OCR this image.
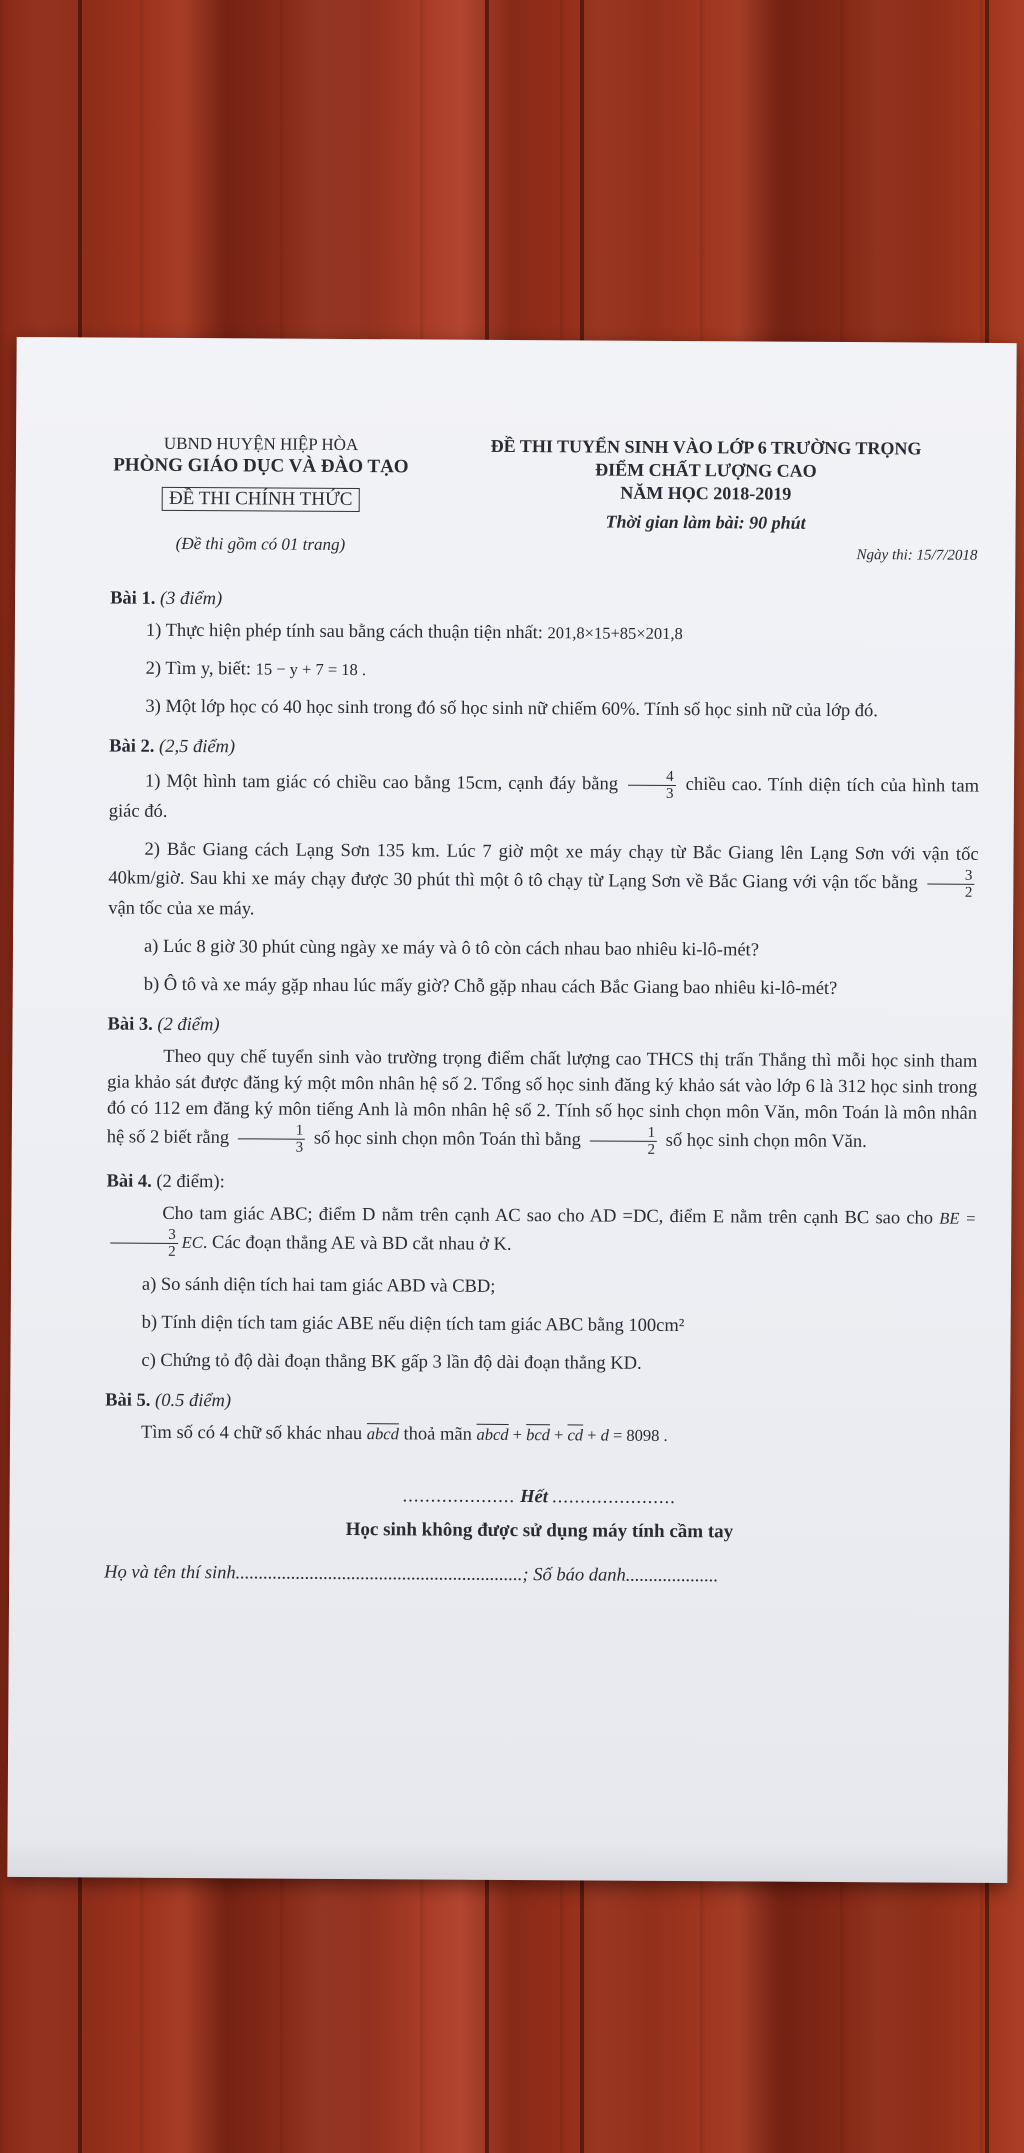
UBND HUYỆN HIỆP HÒA
PHÒNG GIÁO DỤC VÀ ĐÀO TẠO
ĐỀ THI CHÍNH THỨC
(Đề thi gồm có 01 trang)
ĐỀ THI TUYỂN SINH VÀO LỚP 6 TRƯỜNG TRỌNG
ĐIỂM CHẤT LƯỢNG CAO
NĂM HỌC 2018-2019
Thời gian làm bài: 90 phút
Ngày thi: 15/7/2018
Bài 1. (3 điểm)

1) Thực hiện phép tính sau bằng cách thuận tiện nhất: 201,8×15+85×201,8

2) Tìm y, biết: 15 − y + 7 = 18 .

3) Một lớp học có 40 học sinh trong đó số học sinh nữ chiếm 60%. Tính số học sinh nữ của lớp đó.

Bài 2. (2,5 điểm)

1) Một hình tam giác có chiều cao bằng 15cm, cạnh đáy bằng $\frac{4}{3}$ chiều cao. Tính diện tích của hình tam giác đó.

2) Bắc Giang cách Lạng Sơn 135 km. Lúc 7 giờ một xe máy chạy từ Bắc Giang lên Lạng Sơn với vận tốc 40km/giờ. Sau khi xe máy chạy được 30 phút thì một ô tô chạy từ Lạng Sơn về Bắc Giang với vận tốc bằng $\frac{3}{2}$
vận tốc của xe máy.

a) Lúc 8 giờ 30 phút cùng ngày xe máy và ô tô còn cách nhau bao nhiêu ki-lô-mét?

b) Ô tô và xe máy gặp nhau lúc mấy giờ? Chỗ gặp nhau cách Bắc Giang bao nhiêu ki-lô-mét?

Bài 3. (2 điểm)

Theo quy chế tuyển sinh vào trường trọng điểm chất lượng cao THCS thị trấn Thắng thì mỗi học sinh tham gia khảo sát được đăng ký một môn nhân hệ số 2. Tổng số học sinh đăng ký khảo sát vào lớp 6 là 312 học sinh trong đó có 112 em đăng ký môn tiếng Anh là môn nhân hệ số 2. Tính số học sinh chọn môn Văn, môn Toán là môn nhân hệ số 2 biết rằng $\frac{1}{3}$ số học sinh chọn môn Toán thì bằng $\frac{1}{2}$ số học sinh chọn môn Văn.

Bài 4. (2 điểm):

Cho tam giác ABC; điểm D nằm trên cạnh AC sao cho AD =DC, điểm E nằm trên cạnh BC sao cho BE =
$\frac{3}{2}$ EC. Các đoạn thẳng AE và BD cắt nhau ở K.

a) So sánh diện tích hai tam giác ABD và CBD;

b) Tính diện tích tam giác ABE nếu diện tích tam giác ABC bằng 100cm²

c) Chứng tỏ độ dài đoạn thẳng BK gấp 3 lần độ dài đoạn thẳng KD.

Bài 5. (0.5 điểm)

Tìm số có 4 chữ số khác nhau abcd thoả mãn abcd + $\overline{bcd} + \overline{cd} + d = 8098$ .

.................... Hết ......................
Học sinh không được sử dụng máy tính cầm tay
Họ và tên thí sinh..............................................................; Số báo danh....................
